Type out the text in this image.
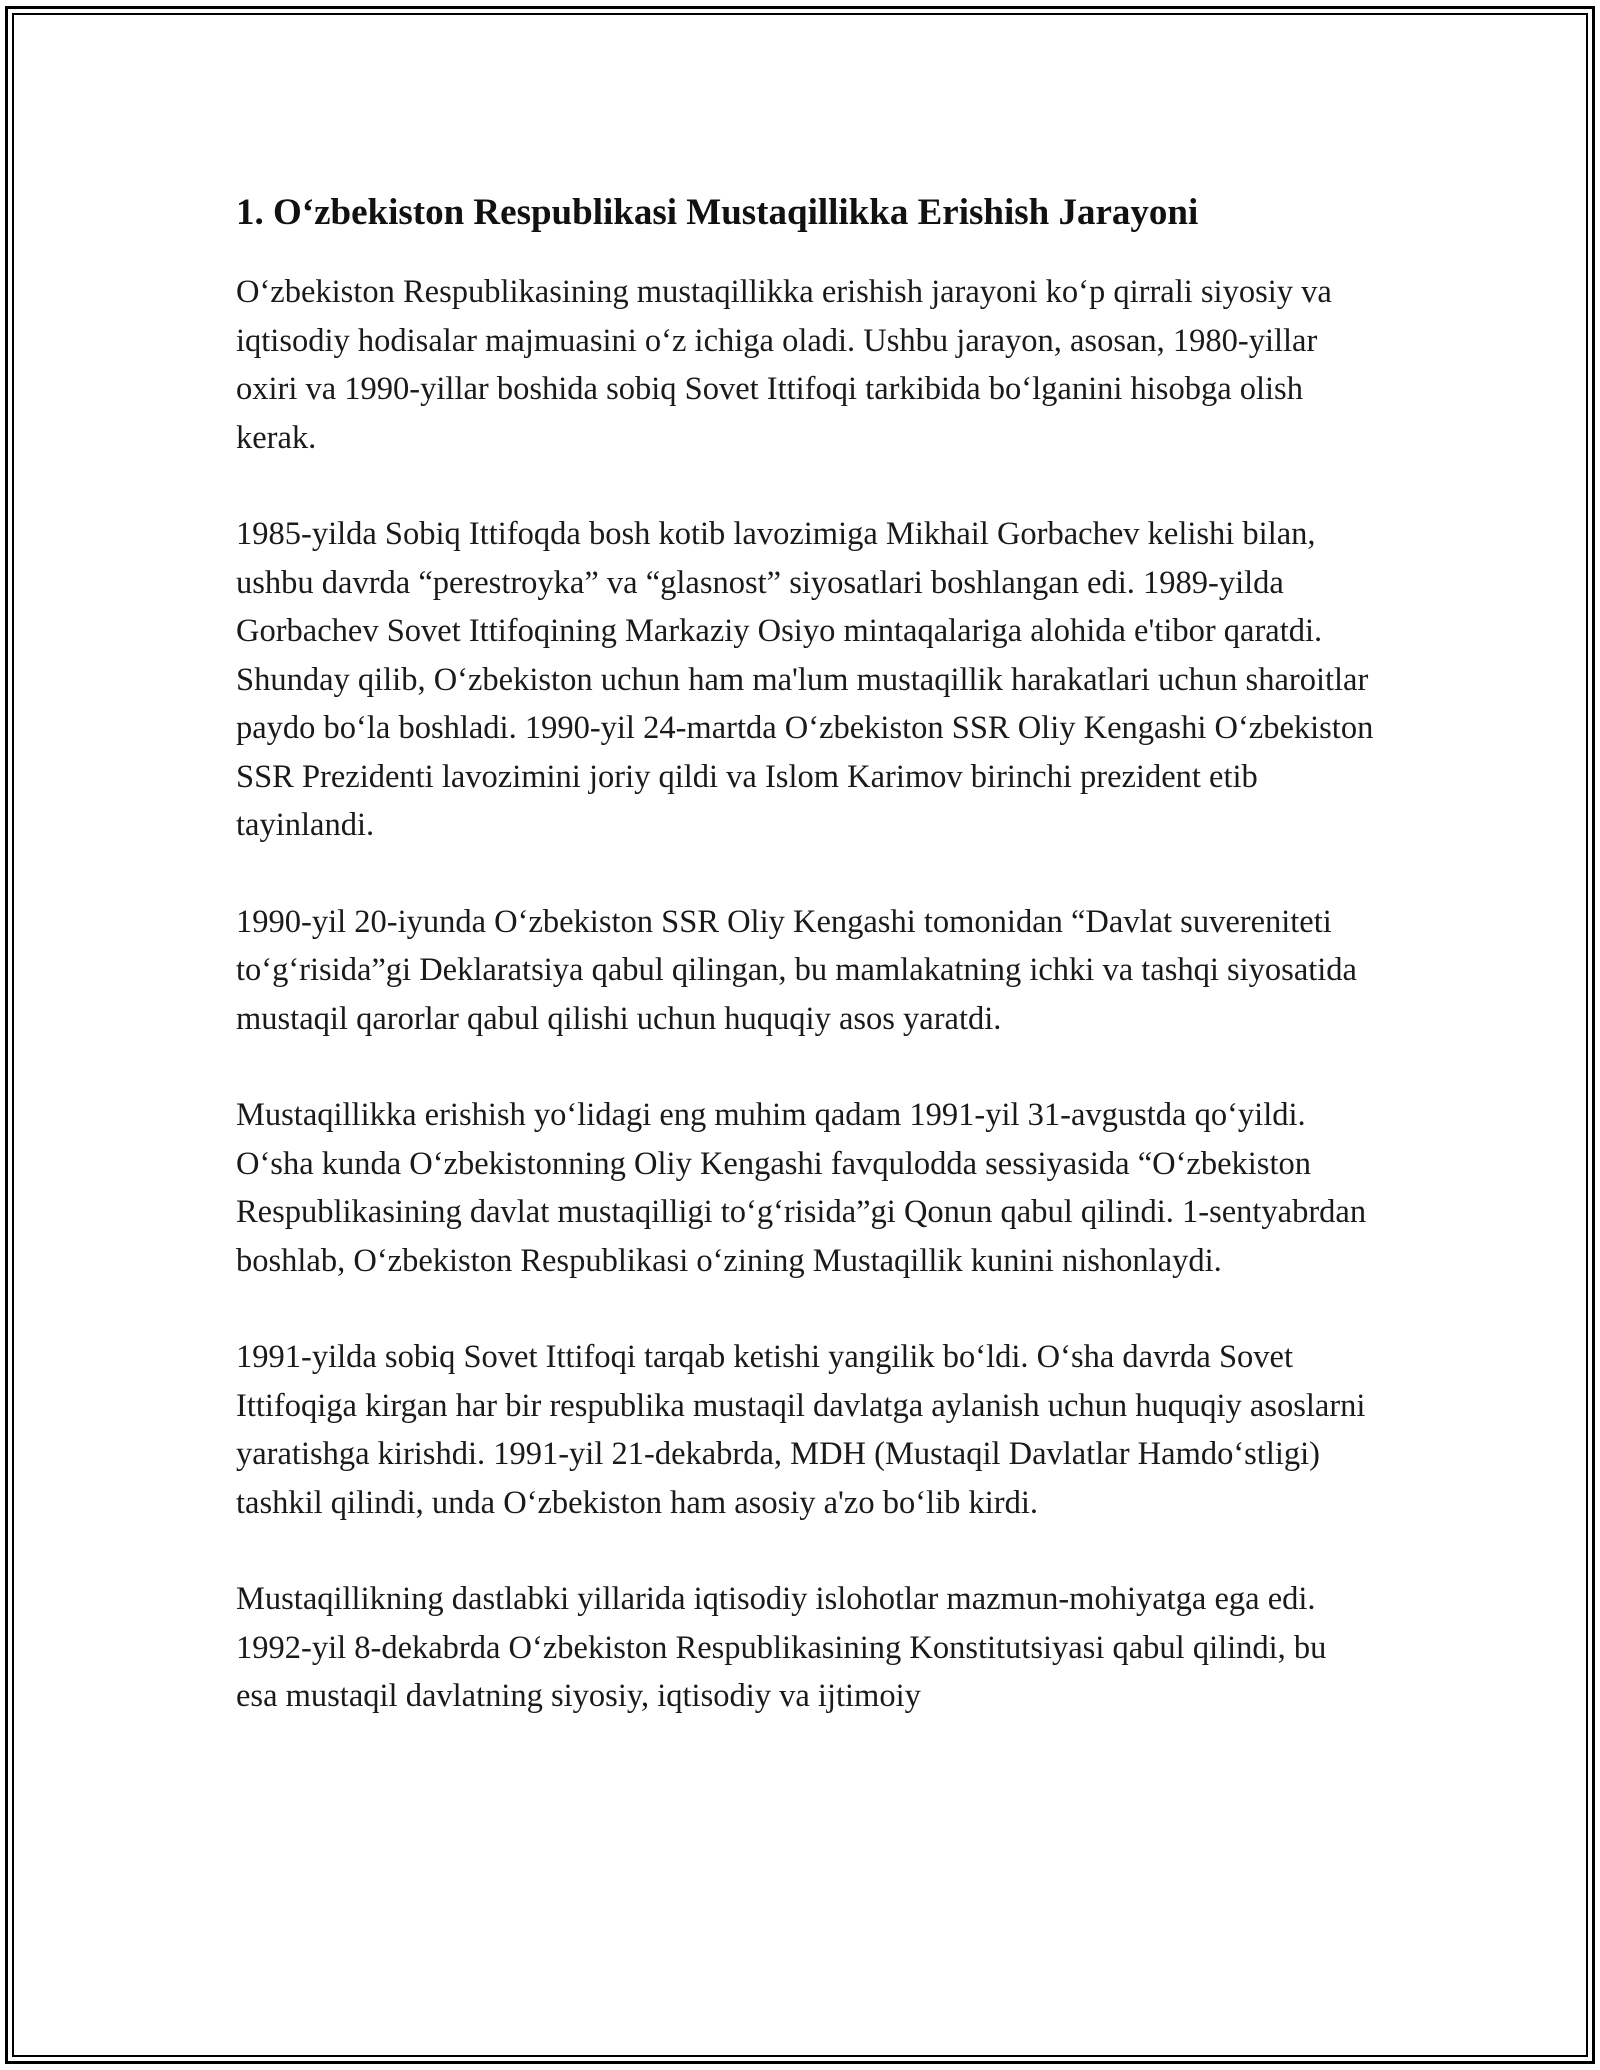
1. Oʻzbekiston Respublikasi Mustaqillikka Erishish Jarayoni

Oʻzbekiston Respublikasining mustaqillikka erishish jarayoni koʻp qirrali siyosiy va iqtisodiy hodisalar majmuasini oʻz ichiga oladi. Ushbu jarayon, asosan, 1980-yillar oxiri va 1990-yillar boshida sobiq Sovet Ittifoqi tarkibida boʻlganini hisobga olish kerak.

1985-yilda Sobiq Ittifoqda bosh kotib lavozimiga Mikhail Gorbachev kelishi bilan, ushbu davrda “perestroyka” va “glasnost” siyosatlari boshlangan edi. 1989-yilda Gorbachev Sovet Ittifoqining Markaziy Osiyo mintaqalariga alohida e'tibor qaratdi. Shunday qilib, Oʻzbekiston uchun ham ma'lum mustaqillik harakatlari uchun sharoitlar paydo boʻla boshladi. 1990-yil 24-martda Oʻzbekiston SSR Oliy Kengashi Oʻzbekiston SSR Prezidenti lavozimini joriy qildi va Islom Karimov birinchi prezident etib tayinlandi.

1990-yil 20-iyunda Oʻzbekiston SSR Oliy Kengashi tomonidan “Davlat suvereniteti toʻgʻrisida”gi Deklaratsiya qabul qilingan, bu mamlakatning ichki va tashqi siyosatida mustaqil qarorlar qabul qilishi uchun huquqiy asos yaratdi.

Mustaqillikka erishish yoʻlidagi eng muhim qadam 1991-yil 31-avgustda qoʻyildi. Oʻsha kunda Oʻzbekistonning Oliy Kengashi favqulodda sessiyasida “Oʻzbekiston Respublikasining davlat mustaqilligi toʻgʻrisida”gi Qonun qabul qilindi. 1-sentyabrdan boshlab, Oʻzbekiston Respublikasi oʻzining Mustaqillik kunini nishonlaydi.

1991-yilda sobiq Sovet Ittifoqi tarqab ketishi yangilik boʻldi. Oʻsha davrda Sovet Ittifoqiga kirgan har bir respublika mustaqil davlatga aylanish uchun huquqiy asoslarni yaratishga kirishdi. 1991-yil 21-dekabrda, MDH (Mustaqil Davlatlar Hamdoʻstligi) tashkil qilindi, unda Oʻzbekiston ham asosiy a'zo boʻlib kirdi.

Mustaqillikning dastlabki yillarida iqtisodiy islohotlar mazmun-mohiyatga ega edi. 1992-yil 8-dekabrda Oʻzbekiston Respublikasining Konstitutsiyasi qabul qilindi, bu esa mustaqil davlatning siyosiy, iqtisodiy va ijtimoiy
